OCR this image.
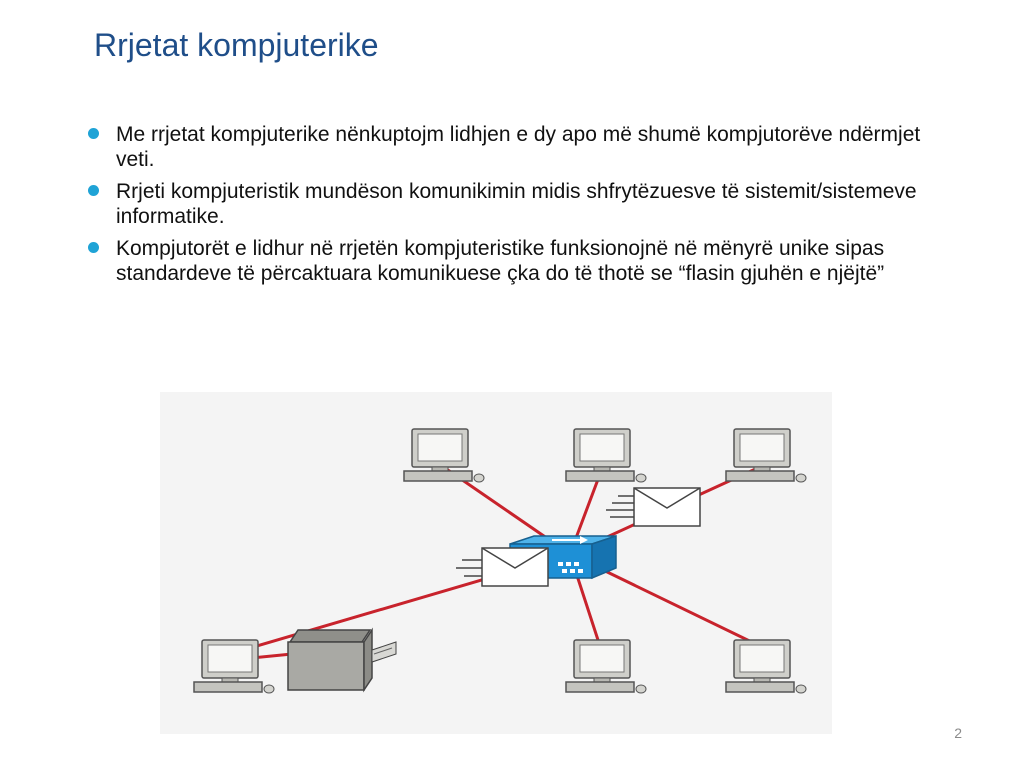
Rrjetat kompjuterike
Me rrjetat kompjuterike nënkuptojm lidhjen e dy apo më shumë kompjutorëve ndërmjet veti.
Rrjeti kompjuteristik mundëson komunikimin midis shfrytëzuesve të sistemit/sistemeve informatike.
Kompjutorët e lidhur në rrjetën kompjuteristike funksionojnë në mënyrë unike sipas standardeve të përcaktuara komunikuese çka do të thotë se “flasin gjuhën e njëjtë”
2
